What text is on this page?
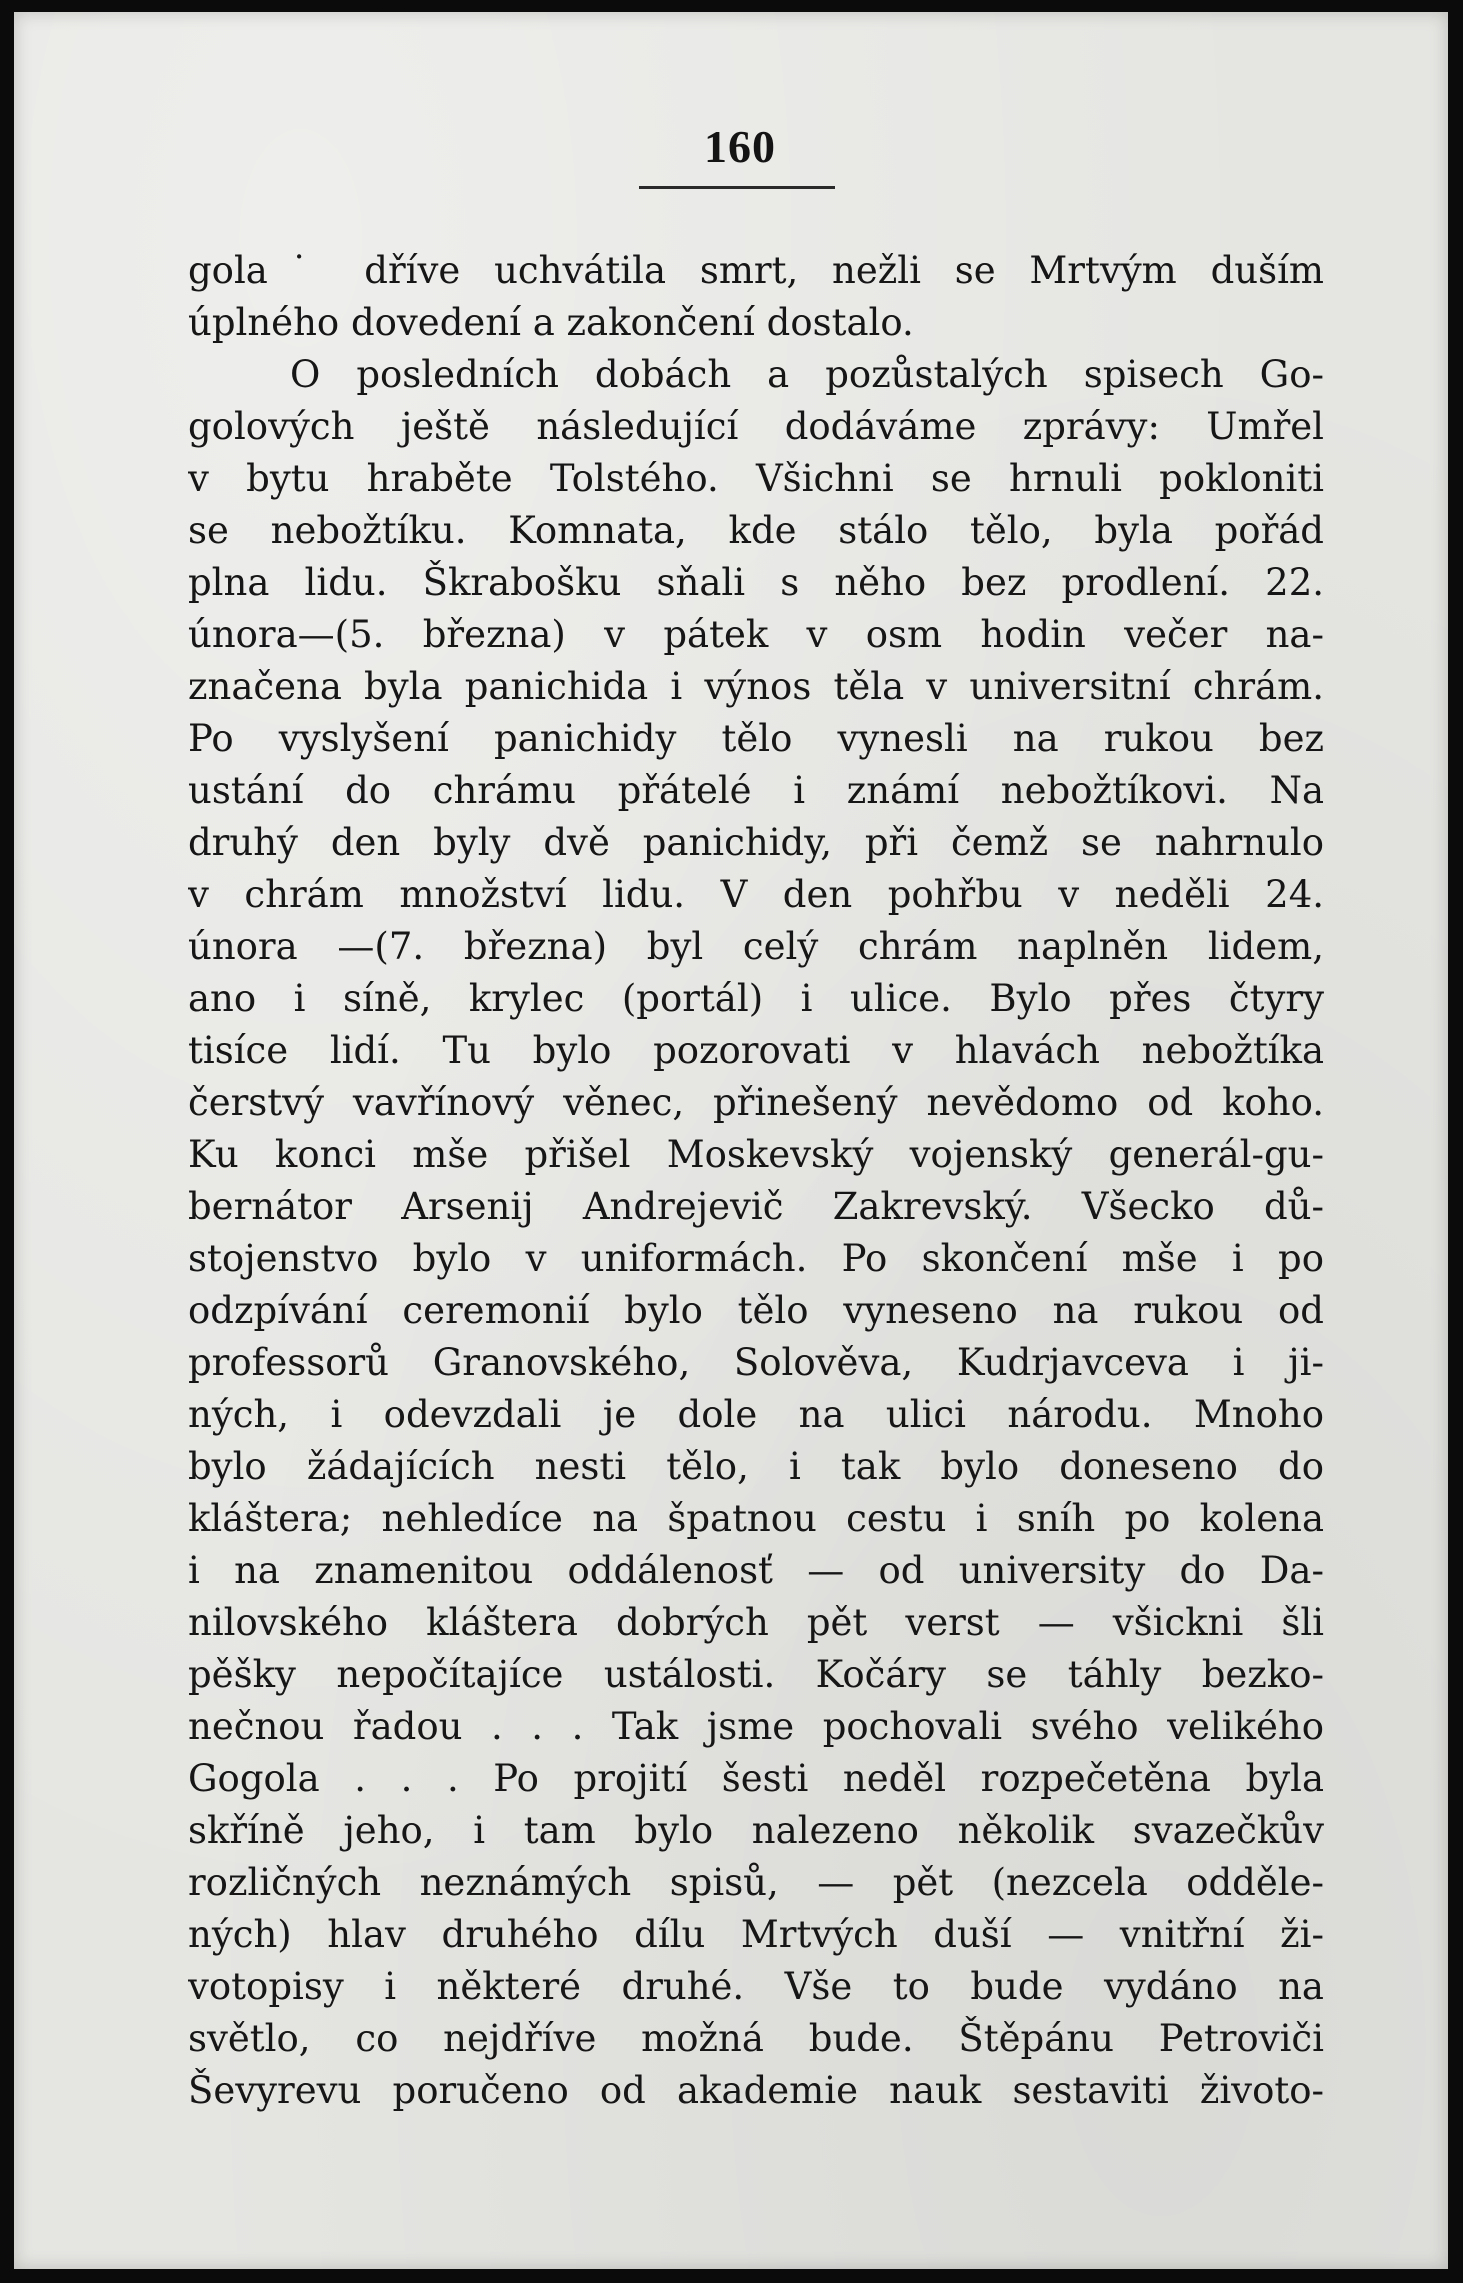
160
gola˙ dříve uchvátila smrt, nežli se Mrtvým duším
úplného dovedení a zakončení dostalo.
O posledních dobách a pozůstalých spisech Go-
golových ještě následující dodáváme zprávy: Umřel
v bytu hraběte Tolstého. Všichni se hrnuli pokloniti
se nebožtíku. Komnata, kde stálo tělo, byla pořád
plna lidu. Škrabošku sňali s něho bez prodlení. 22.
února—(5. března) v pátek v osm hodin večer na-
značena byla panichida i výnos těla v universitní chrám.
Po vyslyšení panichidy tělo vynesli na rukou bez
ustání do chrámu přátelé i známí nebožtíkovi. Na
druhý den byly dvě panichidy, při čemž se nahrnulo
v chrám množství lidu. V den pohřbu v neděli 24.
února —(7. března) byl celý chrám naplněn lidem,
ano i síně, krylec (portál) i ulice. Bylo přes čtyry
tisíce lidí. Tu bylo pozorovati v hlavách nebožtíka
čerstvý vavřínový věnec, přinešený nevědomo od koho.
Ku konci mše přišel Moskevský vojenský generál-gu-
bernátor Arsenij Andrejevič Zakrevský. Všecko dů-
stojenstvo bylo v uniformách. Po skončení mše i po
odzpívání ceremonií bylo tělo vyneseno na rukou od
professorů Granovského, Solověva, Kudrjavceva i ji-
ných, i odevzdali je dole na ulici národu. Mnoho
bylo žádajících nesti tělo, i tak bylo doneseno do
kláštera; nehledíce na špatnou cestu i sníh po kolena
i na znamenitou oddálenosť — od university do Da-
nilovského kláštera dobrých pět verst — všickni šli
pěšky nepočítajíce ustálosti. Kočáry se táhly bezko-
nečnou řadou . . . Tak jsme pochovali svého velikého
Gogola . . . Po projití šesti neděl rozpečetěna byla
skříně jeho, i tam bylo nalezeno několik svazečkův
rozličných neznámých spisů, — pět (nezcela odděle-
ných) hlav druhého dílu Mrtvých duší — vnitřní ži-
votopisy i některé druhé. Vše to bude vydáno na
světlo, co nejdříve možná bude. Štěpánu Petroviči
Ševyrevu poručeno od akademie nauk sestaviti životo-
